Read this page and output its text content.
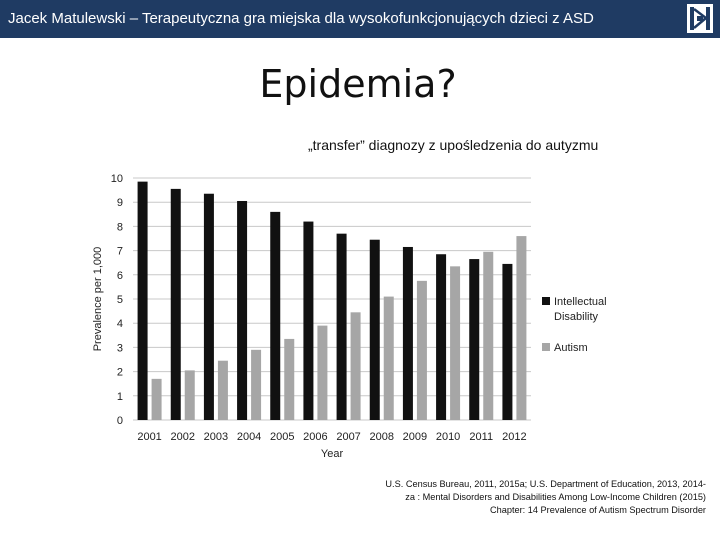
Jacek Matulewski – Terapeutyczna gra miejska dla wysokofunkcjonujących dzieci z ASD
Epidemia?
„transfer” diagnozy z upośledzenia do autyzmu
0
1
2
3
4
5
6
7
8
9
10
2001 2002 2003 2004 2005 2006 2007 2008 2009 2010 2011 2012
Intellectual
Disability
Autism
Year
Prevalence per 1,000
U.S. Census Bureau, 2011, 2015a; U.S. Department of Education, 2013, 2014-
za : Mental Disorders and Disabilities Among Low-Income Children (2015)
Chapter: 14 Prevalence of Autism Spectrum Disorder
